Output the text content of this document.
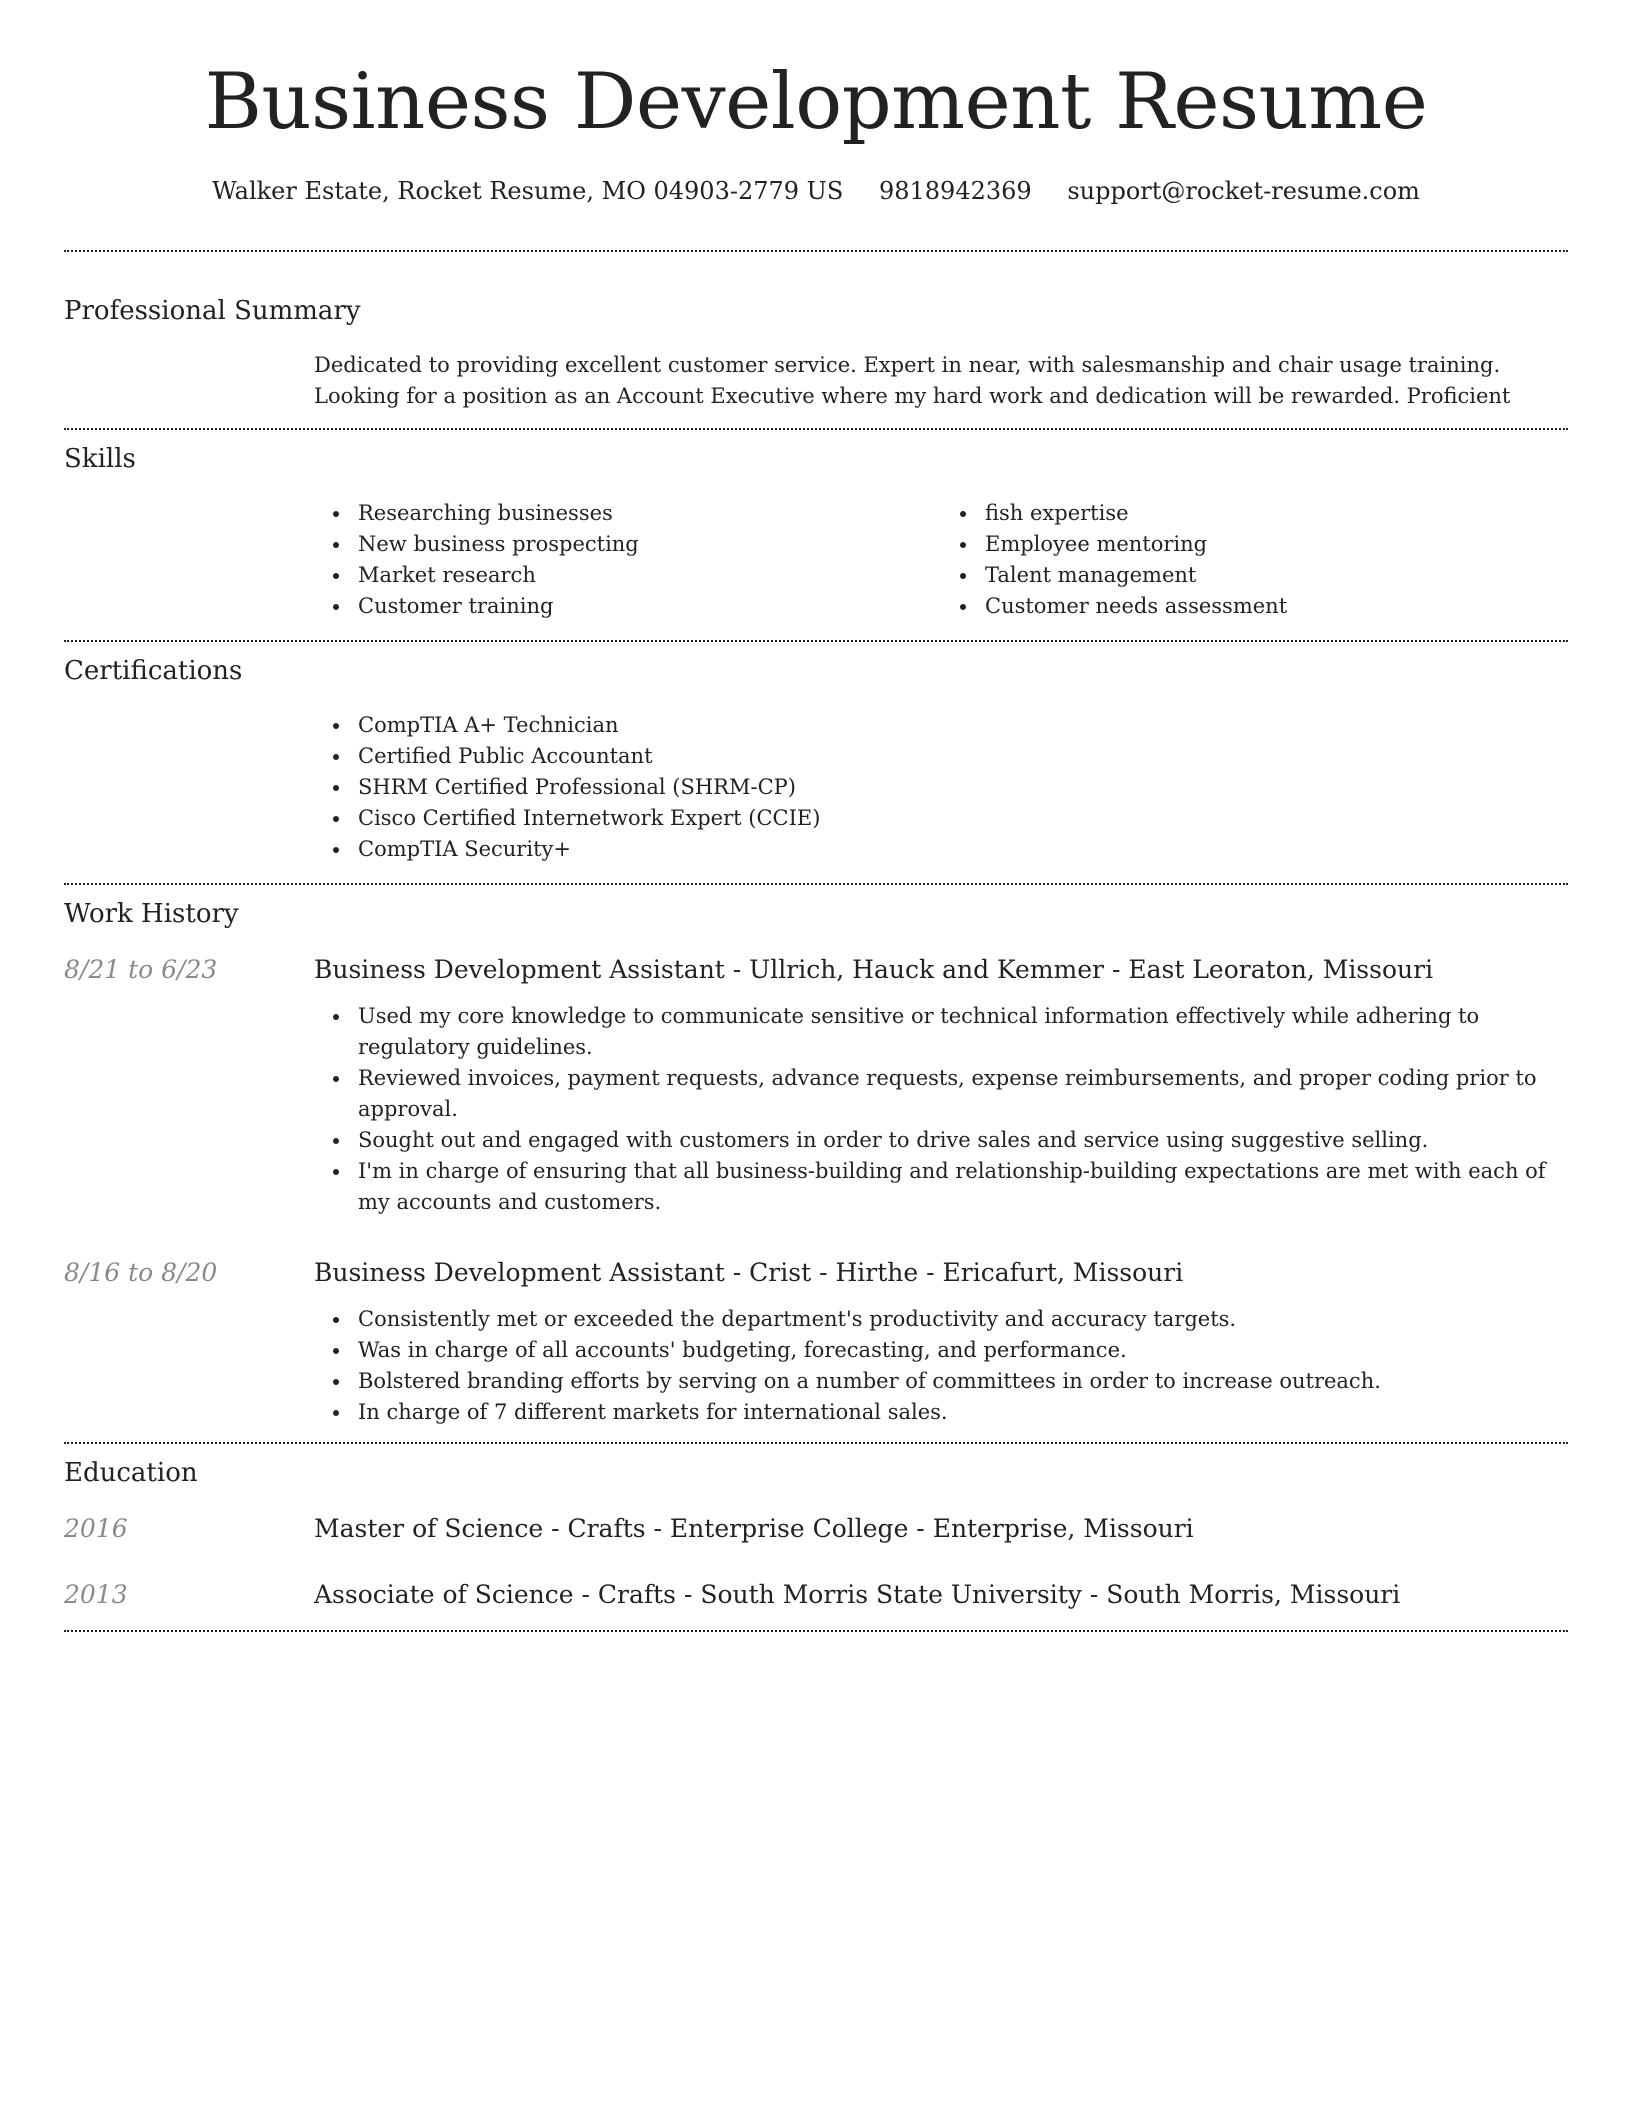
Business Development Resume
Walker Estate, Rocket Resume, MO 04903-2779 US 9818942369 support@rocket-resume.com
Professional Summary
Dedicated to providing excellent customer service. Expert in near, with salesmanship and chair usage training. Looking for a position as an Account Executive where my hard work and dedication will be rewarded. Proficient
Skills
Researching businesses
New business prospecting
Market research
Customer training
fish expertise
Employee mentoring
Talent management
Customer needs assessment
Certifications
CompTIA A+ Technician
Certified Public Accountant
SHRM Certified Professional (SHRM-CP)
Cisco Certified Internetwork Expert (CCIE)
CompTIA Security+
Work History
8/21 to 6/23	Business Development Assistant - Ullrich, Hauck and Kemmer - East Leoraton, Missouri
Used my core knowledge to communicate sensitive or technical information effectively while adhering to regulatory guidelines.
Reviewed invoices, payment requests, advance requests, expense reimbursements, and proper coding prior to approval.
Sought out and engaged with customers in order to drive sales and service using suggestive selling.
I'm in charge of ensuring that all business-building and relationship-building expectations are met with each of my accounts and customers.
8/16 to 8/20	Business Development Assistant - Crist - Hirthe - Ericafurt, Missouri
Consistently met or exceeded the department's productivity and accuracy targets.
Was in charge of all accounts' budgeting, forecasting, and performance.
Bolstered branding efforts by serving on a number of committees in order to increase outreach.
In charge of 7 different markets for international sales.
Education
2016	Master of Science - Crafts - Enterprise College - Enterprise, Missouri
2013	Associate of Science - Crafts - South Morris State University - South Morris, Missouri
